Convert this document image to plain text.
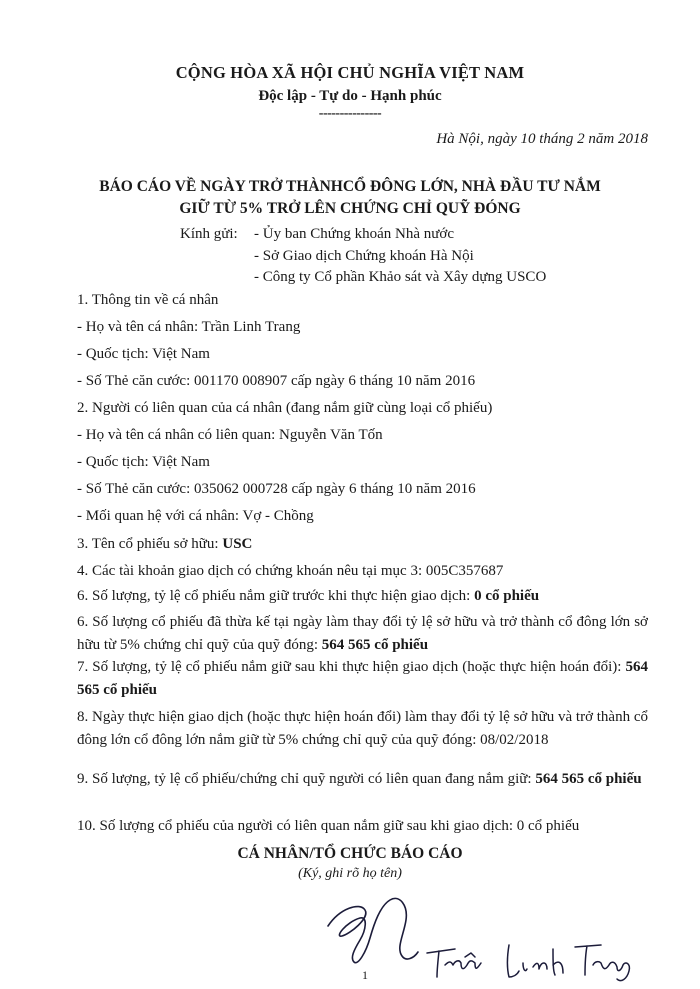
CỘNG HÒA XÃ HỘI CHỦ NGHĨA VIỆT NAM
Độc lập - Tự do - Hạnh phúc
---------------
Hà Nội, ngày 10 tháng 2 năm 2018
BÁO CÁO VỀ NGÀY TRỞ THÀNHCỔ ĐÔNG LỚN, NHÀ ĐẦU TƯ NẮM
GIỮ TỪ 5% TRỞ LÊN CHỨNG CHỈ QUỸ ĐÓNG
Kính gửi: - Ủy ban Chứng khoán Nhà nước
- Sở Giao dịch Chứng khoán Hà Nội
- Công ty Cổ phần Khảo sát và Xây dựng USCO
1. Thông tin về cá nhân
- Họ và tên cá nhân: Trần Linh Trang
- Quốc tịch: Việt Nam
- Số Thẻ căn cước: 001170 008907 cấp ngày 6 tháng 10 năm 2016
2. Người có liên quan của cá nhân (đang nắm giữ cùng loại cổ phiếu)
- Họ và tên cá nhân có liên quan: Nguyễn Văn Tốn
- Quốc tịch: Việt Nam
- Số Thẻ căn cước: 035062 000728 cấp ngày 6 tháng 10 năm 2016
- Mối quan hệ với cá nhân: Vợ - Chồng
3. Tên cổ phiếu sở hữu: USC
4. Các tài khoản giao dịch có chứng khoán nêu tại mục 3: 005C357687
6. Số lượng, tỷ lệ cổ phiếu nắm giữ trước khi thực hiện giao dịch: 0 cổ phiếu
6. Số lượng cổ phiếu đã thừa kế tại ngày làm thay đổi tỷ lệ sở hữu và trở thành cổ đông lớn sở hữu từ 5% chứng chỉ quỹ của quỹ đóng: 564 565 cổ phiếu
7. Số lượng, tỷ lệ cổ phiếu nắm giữ sau khi thực hiện giao dịch (hoặc thực hiện hoán đổi): 564 565 cổ phiếu
8. Ngày thực hiện giao dịch (hoặc thực hiện hoán đổi) làm thay đổi tỷ lệ sở hữu và trở thành cổ đông lớn cổ đông lớn nắm giữ từ 5% chứng chỉ quỹ của quỹ đóng: 08/02/2018
9. Số lượng, tỷ lệ cổ phiếu/chứng chỉ quỹ người có liên quan đang nắm giữ: 564 565 cổ phiếu
10. Số lượng cổ phiếu của người có liên quan nắm giữ sau khi giao dịch: 0 cổ phiếu
CÁ NHÂN/TỔ CHỨC BÁO CÁO
(Ký, ghi rõ họ tên)
1
